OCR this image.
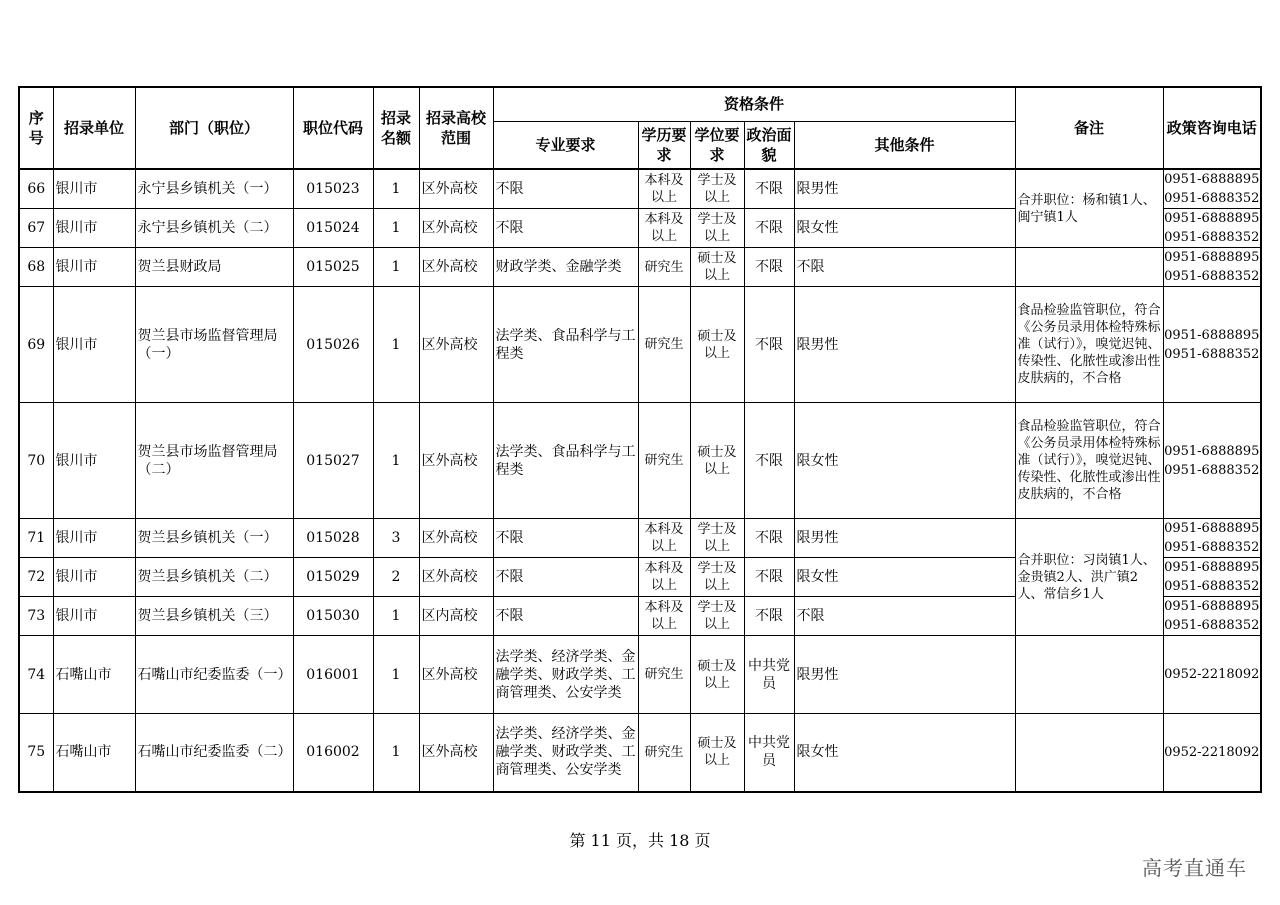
序号	招录单位	部门（职位）	职位代码	招录名额	招录高校范围	资格条件					备注	政策咨询电话
						专业要求	学历要求	学位要求	政治面貌	其他条件		
66	银川市	永宁县乡镇机关（一）	015023	1	区外高校	不限	本科及以上	学士及以上	不限	限男性	合并职位：杨和镇1人、闽宁镇1人	0951-6888895
0951-6888352

67	银川市	永宁县乡镇机关（二）	015024	1	区外高校	不限	本科及以上	学士及以上	不限	限女性		0951-6888895
0951-6888352

68	银川市	贺兰县财政局	015025	1	区外高校	财政学类、金融学类	研究生	硕士及以上	不限	不限		0951-6888895
0951-6888352

69	银川市	贺兰县市场监督管理局（一）	015026	1	区外高校	法学类、食品科学与工程类	研究生	硕士及以上	不限	限男性	食品检验监管职位，符合《公务员录用体检特殊标准（试行）》，嗅觉迟钝、传染性、化脓性或渗出性皮肤病的，不合格	0951-6888895
0951-6888352

70	银川市	贺兰县市场监督管理局（二）	015027	1	区外高校	法学类、食品科学与工程类	研究生	硕士及以上	不限	限女性	食品检验监管职位，符合《公务员录用体检特殊标准（试行）》，嗅觉迟钝、传染性、化脓性或渗出性皮肤病的，不合格	0951-6888895
0951-6888352

71	银川市	贺兰县乡镇机关（一）	015028	3	区外高校	不限	本科及以上	学士及以上	不限	限男性	合并职位：习岗镇1人、金贵镇2人、洪广镇2人、常信乡1人	0951-6888895
0951-6888352

72	银川市	贺兰县乡镇机关（二）	015029	2	区外高校	不限	本科及以上	学士及以上	不限	限女性		0951-6888895
0951-6888352

73	银川市	贺兰县乡镇机关（三）	015030	1	区内高校	不限	本科及以上	学士及以上	不限	不限		0951-6888895
0951-6888352

74	石嘴山市	石嘴山市纪委监委（一）	016001	1	区外高校	法学类、经济学类、金融学类、财政学类、工商管理类、公安学类	研究生	硕士及以上	中共党员	限男性		0952-2218092

75	石嘴山市	石嘴山市纪委监委（二）	016002	1	区外高校	法学类、经济学类、金融学类、财政学类、工商管理类、公安学类	研究生	硕士及以上	中共党员	限女性		0952-2218092
第 11 页，共 18 页
高考直通车
